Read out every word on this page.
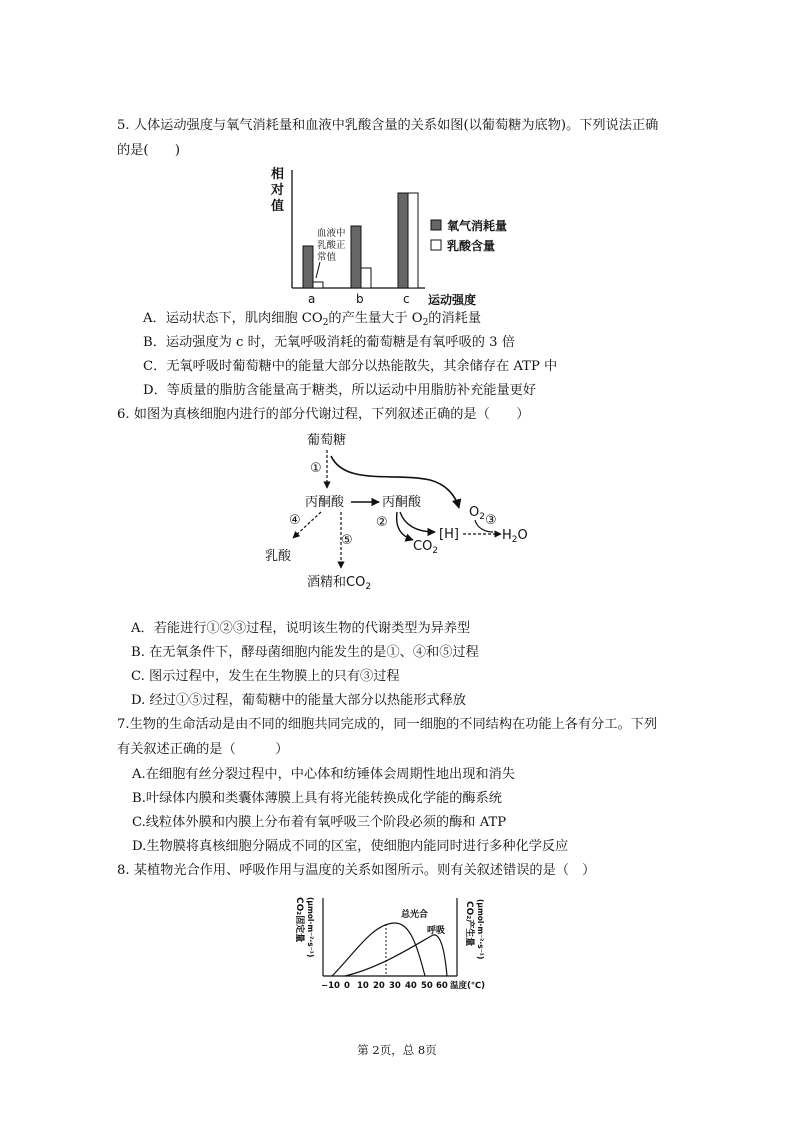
5. 人体运动强度与氧气消耗量和血液中乳酸含量的关系如图(以葡萄糖为底物)。下列说法正确
的是(　　)
相
对
值
a	b	c 运动强度
血液中
乳酸正
常值
氧气消耗量
乳酸含量
A．运动状态下，肌肉细胞 $CO_2$的产生量大于 $O_2$的消耗量
B．运动强度为 c 时，无氧呼吸消耗的葡萄糖是有氧呼吸的 3 倍
C．无氧呼吸时葡萄糖中的能量大部分以热能散失，其余储存在 ATP 中
D．等质量的脂肪含能量高于糖类，所以运动中用脂肪补充能量更好
6. 如图为真核细胞内进行的部分代谢过程，下列叙述正确的是（　　）
葡萄糖
①
丙酮酸	丙酮酸
②
$CO_2$
[H]
$O_2$ ③
$H_2O$
④
乳酸
⑤
酒精和$CO_2$
A．若能进行①②③过程，说明该生物的代谢类型为异养型
B. 在无氧条件下，酵母菌细胞内能发生的是①、④和⑤过程
C. 图示过程中，发生在生物膜上的只有③过程
D. 经过①⑤过程，葡萄糖中的能量大部分以热能形式释放
7.生物的生命活动是由不同的细胞共同完成的，同一细胞的不同结构在功能上各有分工。下列
有关叙述正确的是（　　　）
A.在细胞有丝分裂过程中，中心体和纺锤体会周期性地出现和消失
B.叶绿体内膜和类囊体薄膜上具有将光能转换成化学能的酶系统
C.线粒体外膜和内膜上分布着有氧呼吸三个阶段必须的酶和 ATP
D.生物膜将真核细胞分隔成不同的区室，使细胞内能同时进行多种化学反应
8. 某植物光合作用、呼吸作用与温度的关系如图所示。则有关叙述错误的是（　）
CO₂固定量 (μmol·m⁻²·s⁻¹)	CO₂产生量 (μmol·m⁻²·s⁻¹)
总光合
呼吸
−10 0 10 20 30 40 50 60 温度(℃)
第 2页，总 8页
